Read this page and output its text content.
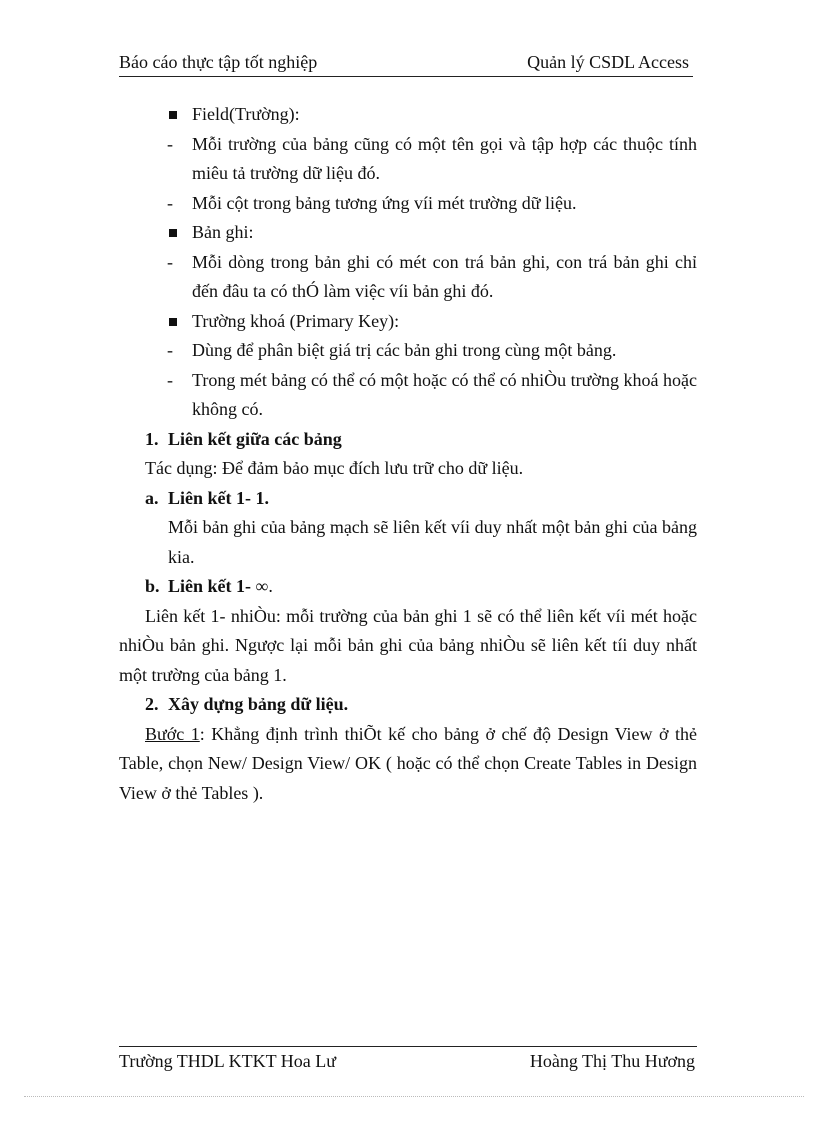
Báo cáo thực tập tốt nghiệp	Quản lý CSDL Access
Field(Trường):
- Mỗi trường của bảng cũng có một tên gọi và tập hợp các thuộc tính miêu tả trường dữ liệu đó.
- Mỗi cột trong bảng tương ứng víi mét trường dữ liệu.
Bản ghi:
- Mỗi dòng trong bản ghi có mét con trá bản ghi, con trá bản ghi chỉ đến đâu ta có thÓ làm việc víi bản ghi đó.
Trường khoá (Primary Key):
- Dùng để phân biệt giá trị các bản ghi trong cùng một bảng.
- Trong mét bảng có thể có một hoặc có thể có nhiÒu trường khoá hoặc không có.
1. Liên kết giữa các bảng
Tác dụng: Để đảm bảo mục đích lưu trữ cho dữ liệu.
a. Liên kết 1- 1.
Mỗi bản ghi của bảng mạch sẽ liên kết víi duy nhất một bản ghi của bảng kia.
b. Liên kết 1- ∞.
Liên kết 1- nhiÒu: mỗi trường của bản ghi 1 sẽ có thể liên kết víi mét hoặc nhiÒu bản ghi. Ngược lại mỗi bản ghi của bảng nhiÒu sẽ liên kết tíi duy nhất một trường của bảng 1.
2. Xây dựng bảng dữ liệu.
Bước 1: Khẳng định trình thiÕt kế cho bảng ở chế độ Design View ở thẻ Table, chọn New/ Design View/ OK ( hoặc có thể chọn Create Tables in Design View ở thẻ Tables ).
Trường THDL KTKT Hoa Lư	Hoàng Thị Thu Hương
